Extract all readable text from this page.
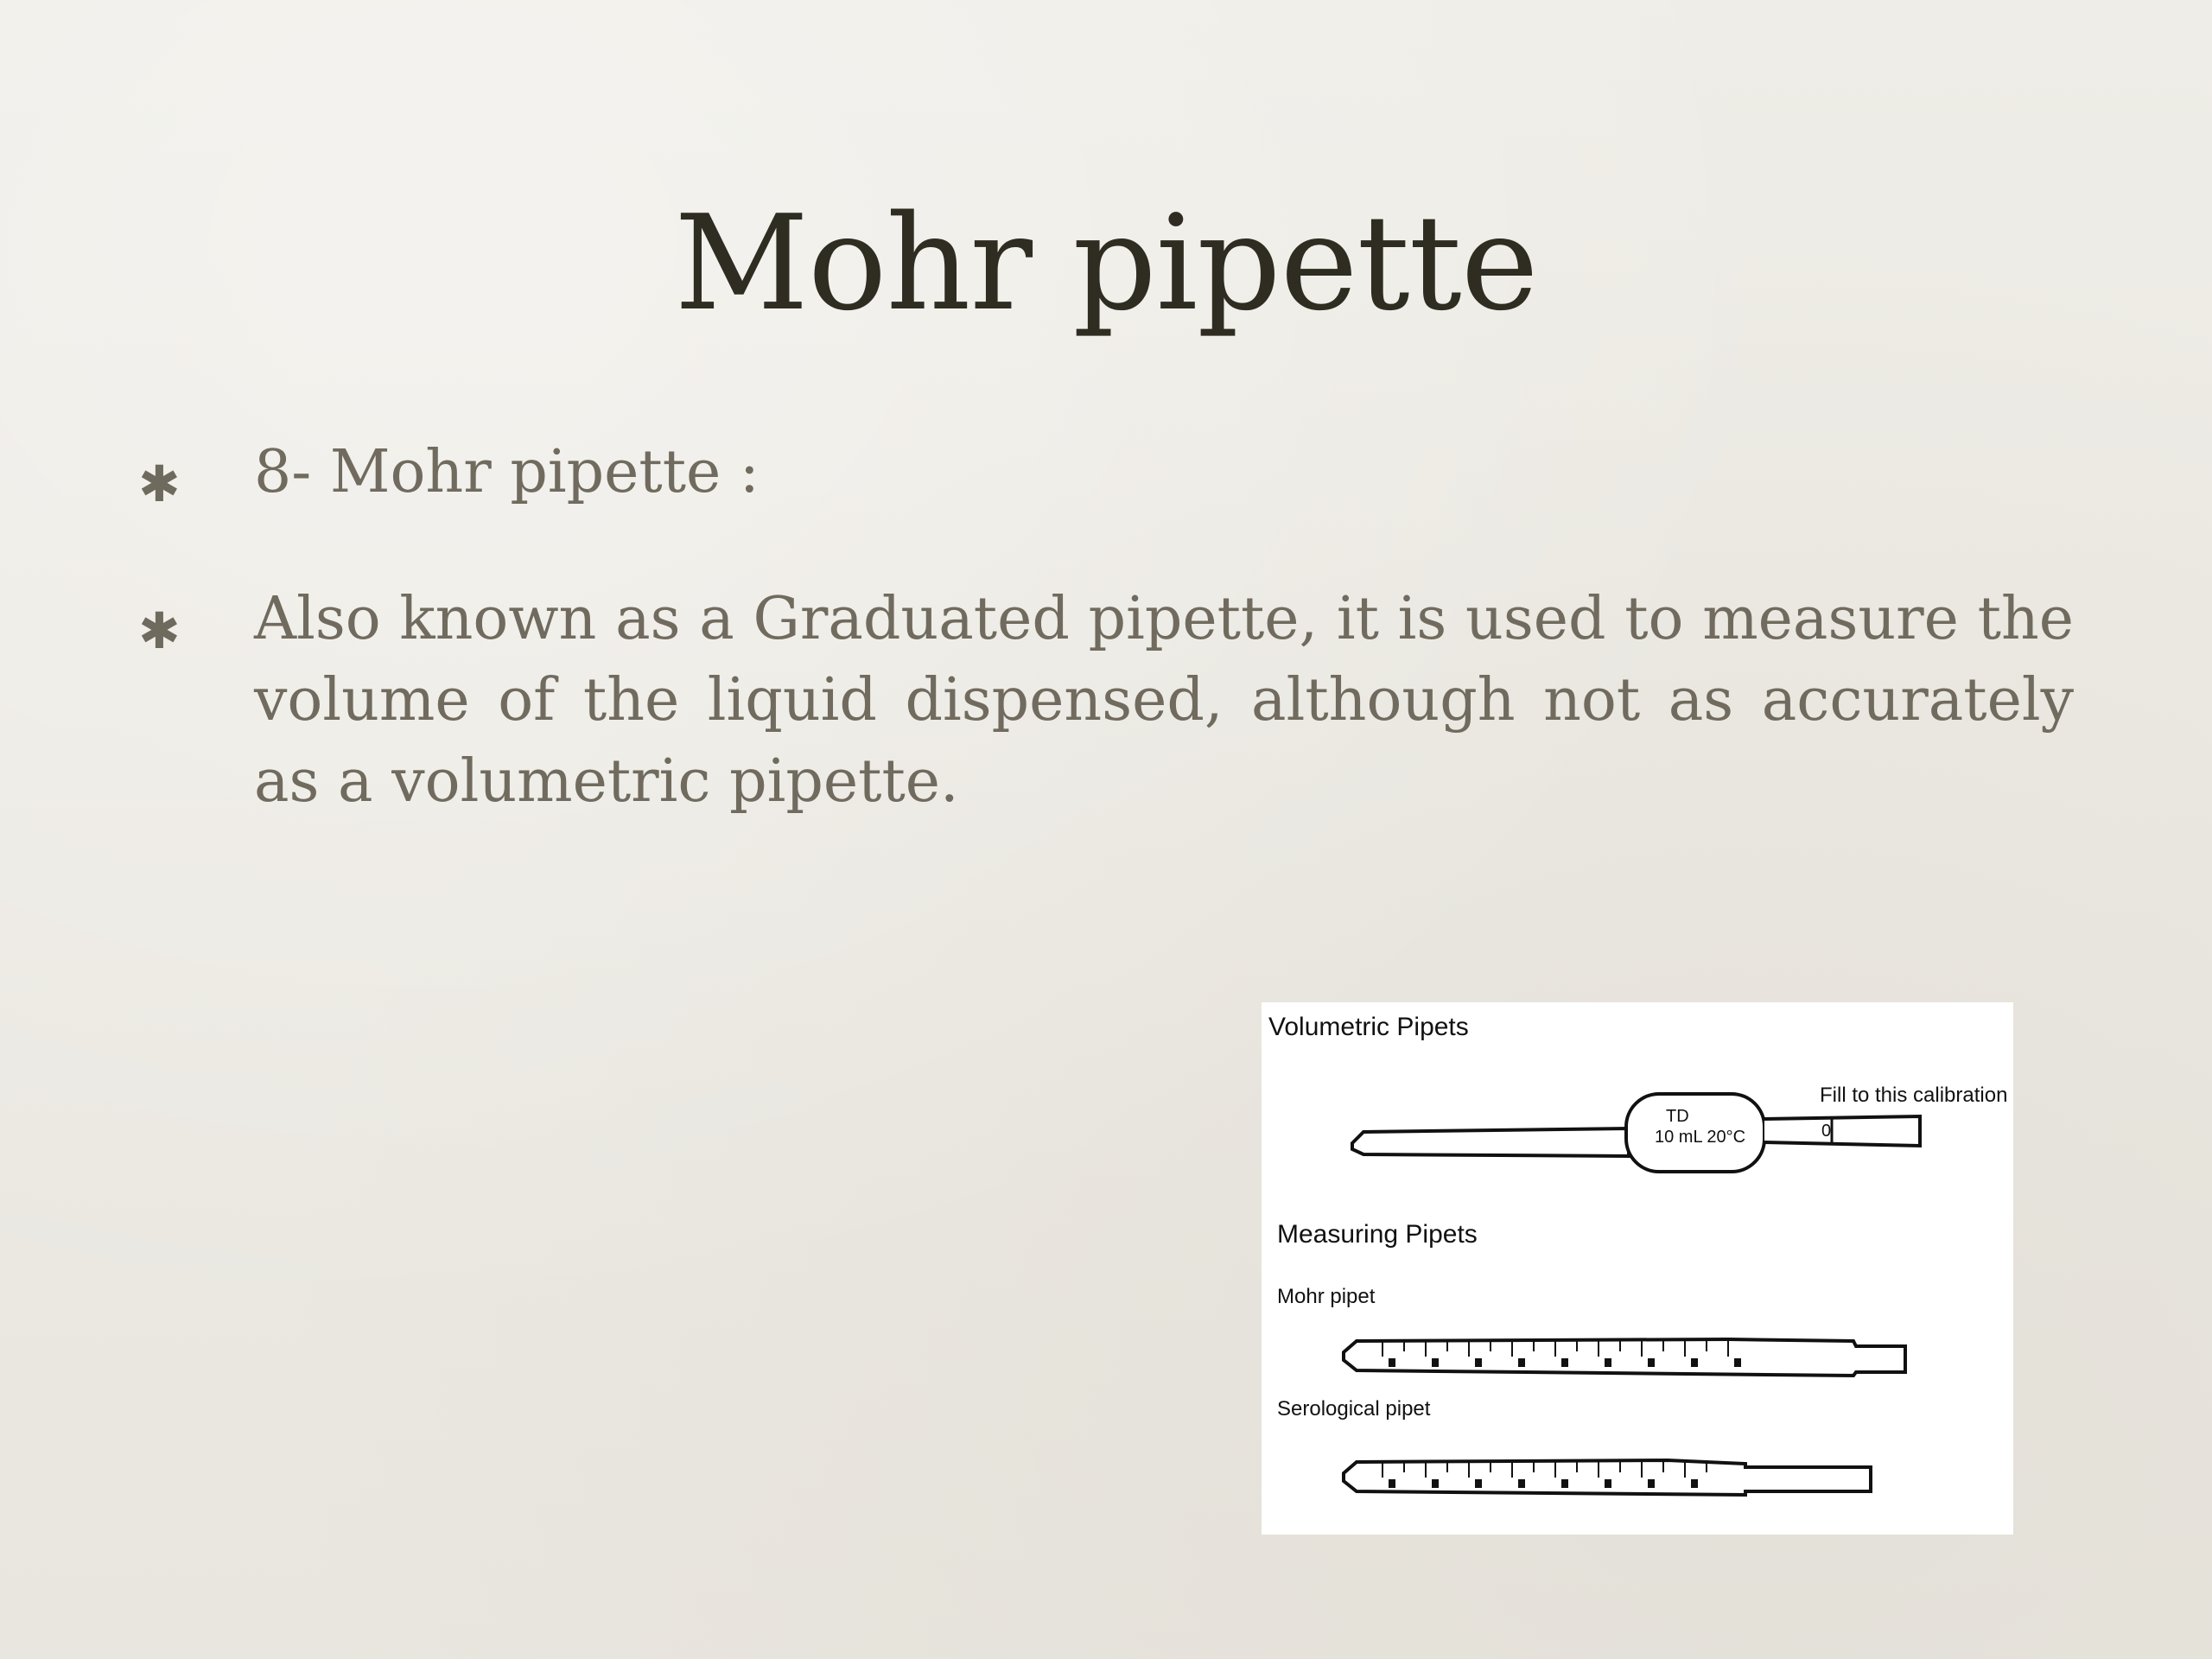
Mohr pipette
✱	8- Mohr pipette :
✱	Also known as a Graduated pipette, it is used to measure the volume of the liquid dispensed, although not as accurately as a volumetric pipette.
Volumetric Pipets
Fill to this calibration
TD
10 mL 20°C	0
Measuring Pipets
Mohr pipet
Serological pipet
